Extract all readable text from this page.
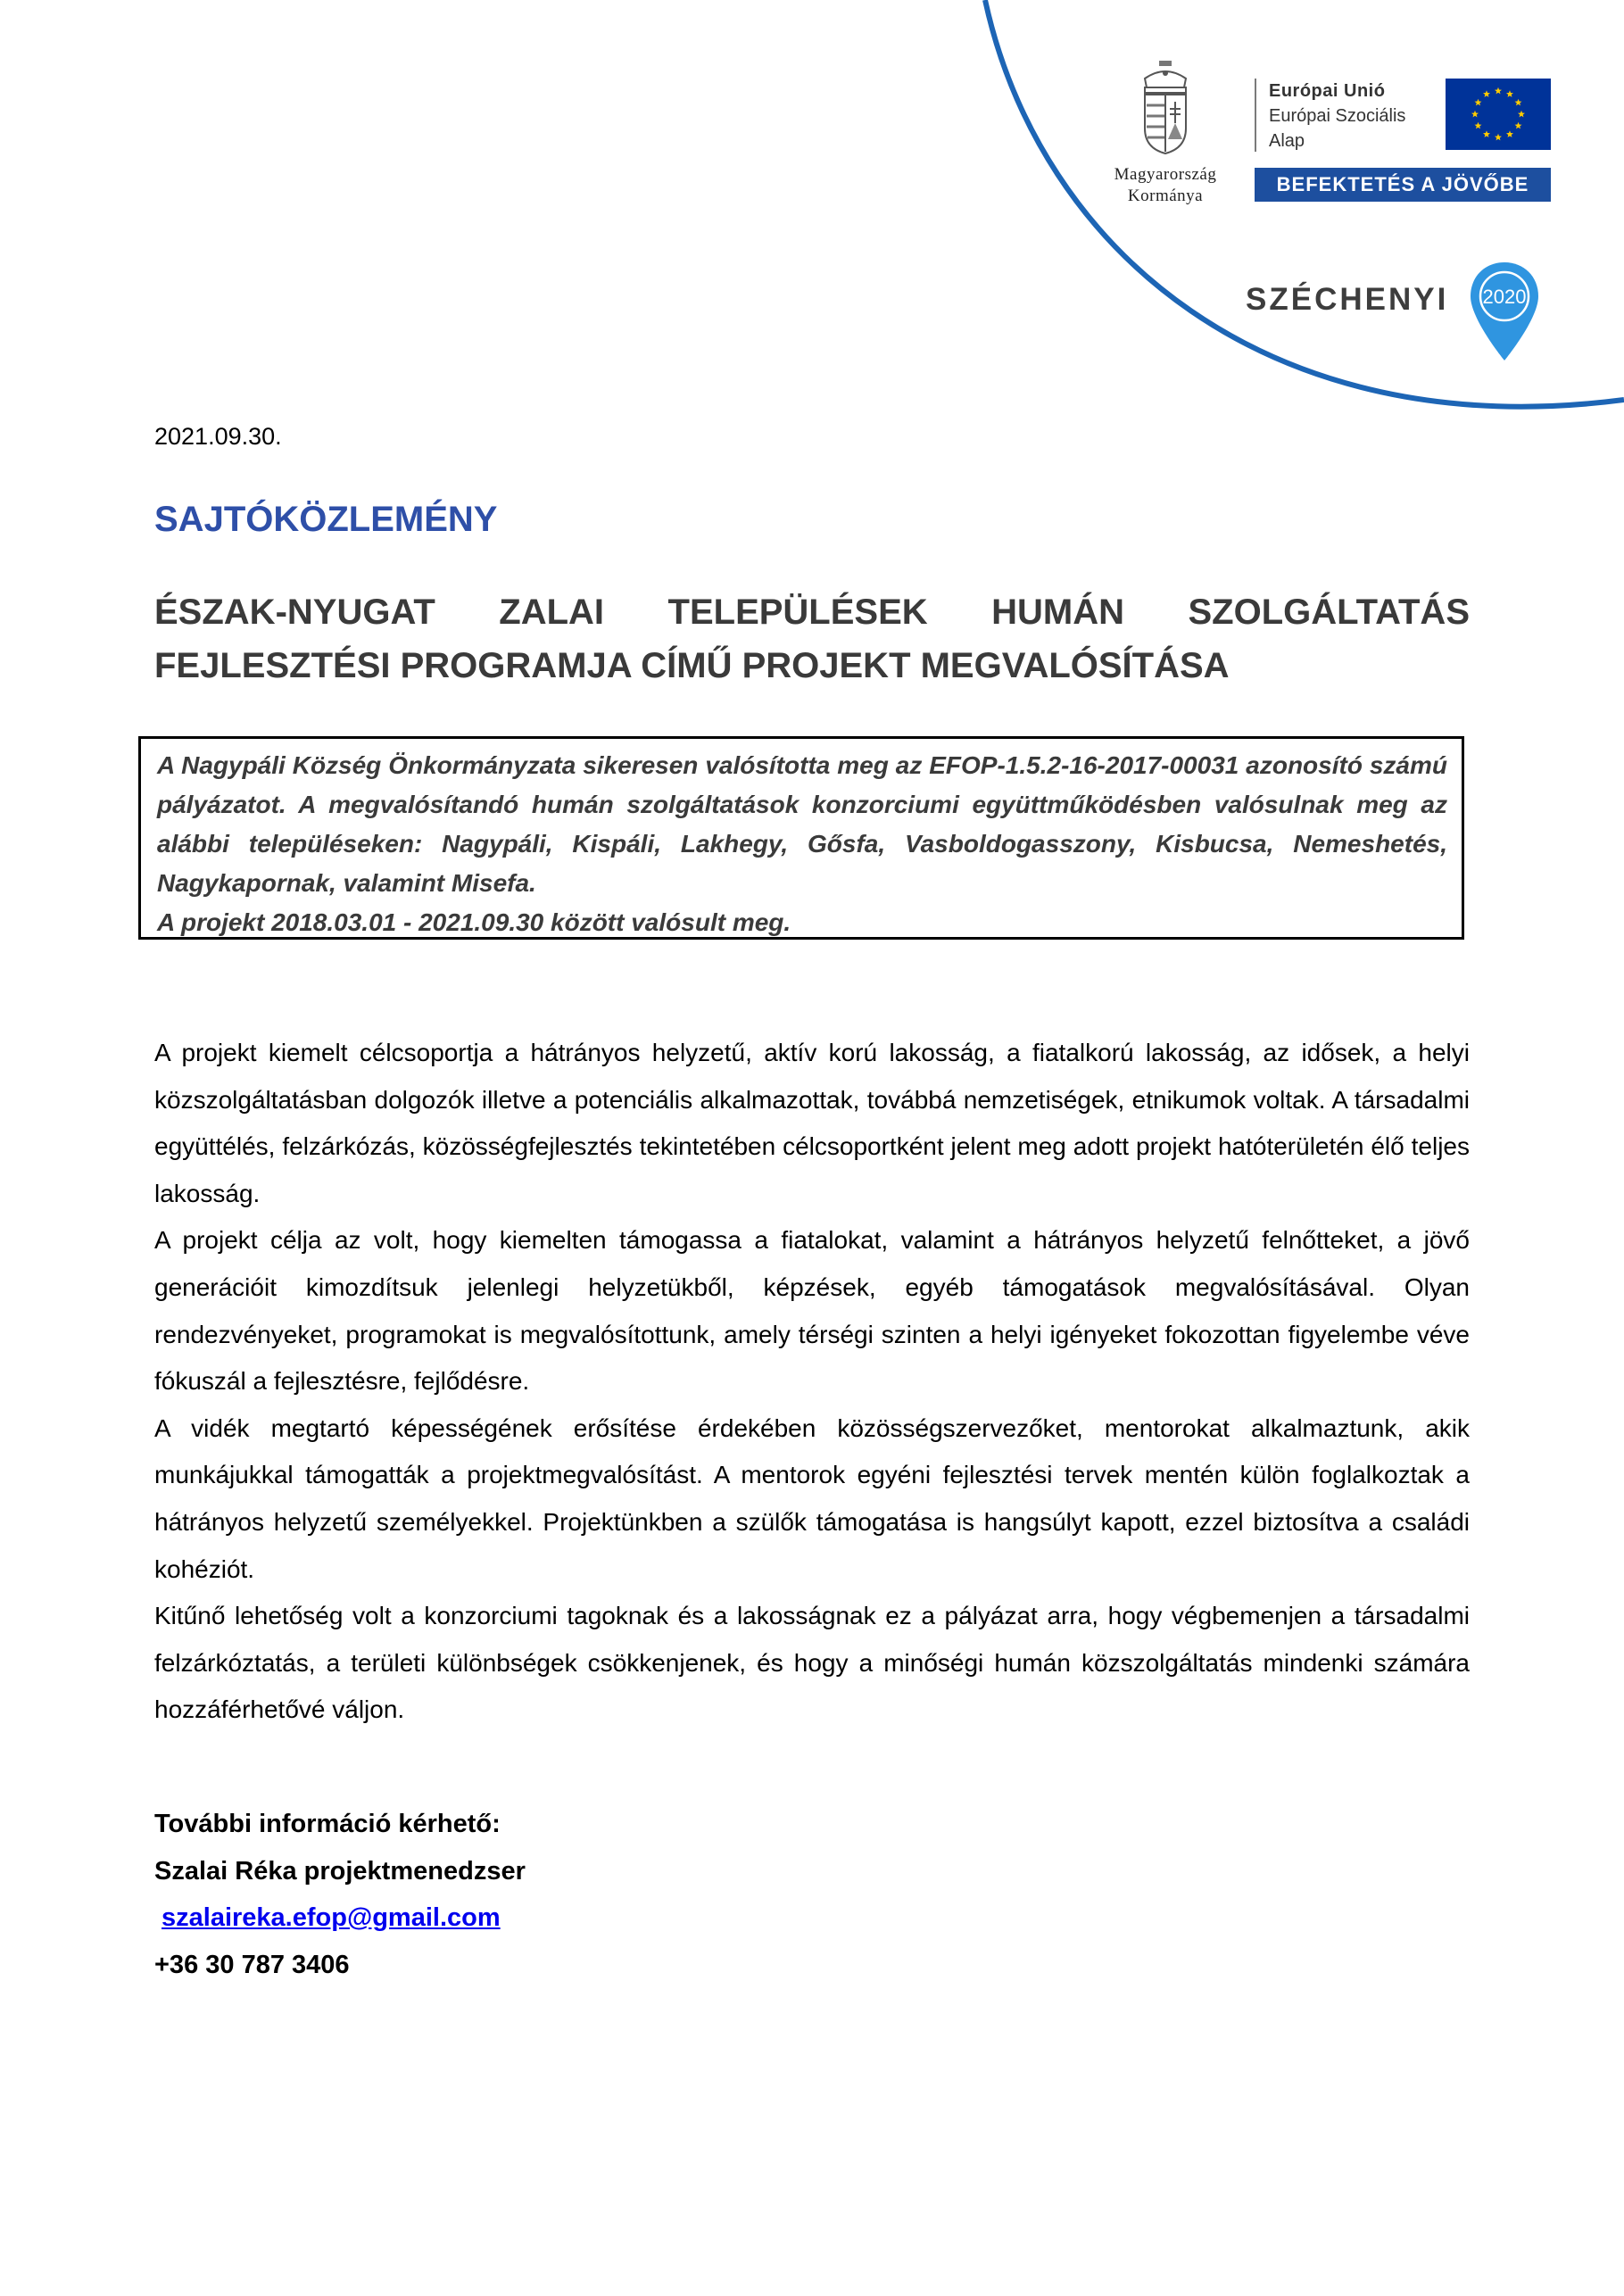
Magyarország
Kormánya
Európai Unió
Európai Szociális
Alap
BEFEKTETÉS A JÖVŐBE
SZÉCHENYI 2020
2021.09.30.
SAJTÓKÖZLEMÉNY
ÉSZAK-NYUGAT ZALAI TELEPÜLÉSEK HUMÁN SZOLGÁLTATÁS
FEJLESZTÉSI PROGRAMJA CÍMŰ PROJEKT MEGVALÓSÍTÁSA

A Nagypáli Község Önkormányzata sikeresen valósította meg az EFOP-1.5.2-16-2017-00031 azonosító számú pályázatot. A megvalósítandó humán szolgáltatások konzorciumi együttműködésben valósulnak meg az alábbi településeken: Nagypáli, Kispáli, Lakhegy, Gősfa, Vasboldogasszony, Kisbucsa, Nemeshetés, Nagykapornak, valamint Misefa.

A projekt 2018.03.01 - 2021.09.30 között valósult meg.

A projekt kiemelt célcsoportja a hátrányos helyzetű, aktív korú lakosság, a fiatalkorú lakosság, az idősek, a helyi közszolgáltatásban dolgozók illetve a potenciális alkalmazottak, továbbá nemzetiségek, etnikumok voltak. A társadalmi együttélés, felzárkózás, közösségfejlesztés tekintetében célcsoportként jelent meg adott projekt hatóterületén élő teljes lakosság.

A projekt célja az volt, hogy kiemelten támogassa a fiatalokat, valamint a hátrányos helyzetű felnőtteket, a jövő generációit kimozdítsuk jelenlegi helyzetükből, képzések, egyéb támogatások megvalósításával. Olyan rendezvényeket, programokat is megvalósítottunk, amely térségi szinten a helyi igényeket fokozottan figyelembe véve fókuszál a fejlesztésre, fejlődésre.

A vidék megtartó képességének erősítése érdekében közösségszervezőket, mentorokat alkalmaztunk, akik munkájukkal támogatták a projektmegvalósítást. A mentorok egyéni fejlesztési tervek mentén külön foglalkoztak a hátrányos helyzetű személyekkel. Projektünkben a szülők támogatása is hangsúlyt kapott, ezzel biztosítva a családi kohéziót.

Kitűnő lehetőség volt a konzorciumi tagoknak és a lakosságnak ez a pályázat arra, hogy végbemenjen a társadalmi felzárkóztatás, a területi különbségek csökkenjenek, és hogy a minőségi humán közszolgáltatás mindenki számára hozzáférhetővé váljon.

További információ kérhető:
Szalai Réka projektmenedzser
szalaireka.efop@gmail.com
+36 30 787 3406
